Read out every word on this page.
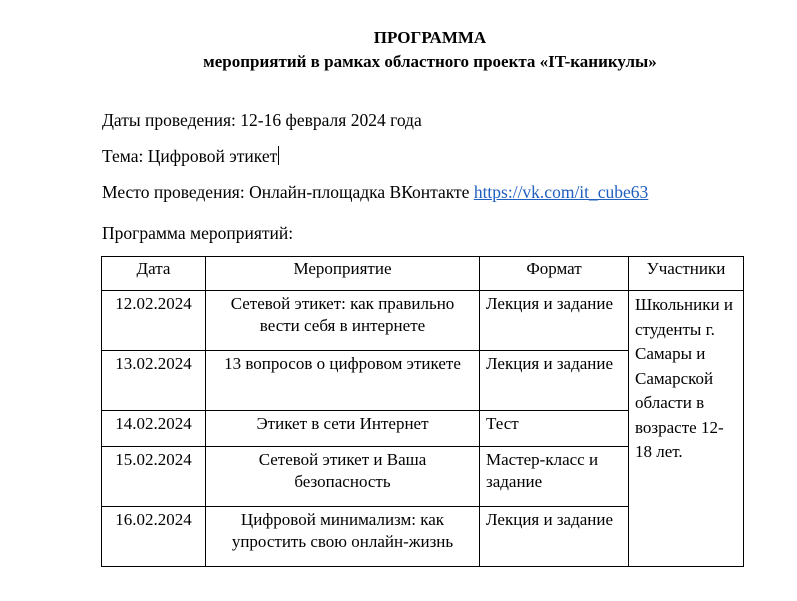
ПРОГРАММА
мероприятий в рамках областного проекта «IT-каникулы»
Даты проведения: 12-16 февраля 2024 года
Тема: Цифровой этикет
Место проведения: Онлайн-площадка ВКонтакте https://vk.com/it_cube63
Программа мероприятий:
Дата	Мероприятие	Формат	Участники
12.02.2024	Сетевой этикет: как правильно вести себя в интернете	Лекция и задание	Школьники и студенты г. Самары и Самарской области в возрасте 12-18 лет.
13.02.2024	13 вопросов о цифровом этикете	Лекция и задание	
14.02.2024	Этикет в сети Интернет	Тест	
15.02.2024	Сетевой этикет и Ваша безопасность	Мастер-класс и задание	
16.02.2024	Цифровой минимализм: как упростить свою онлайн-жизнь	Лекция и задание	
